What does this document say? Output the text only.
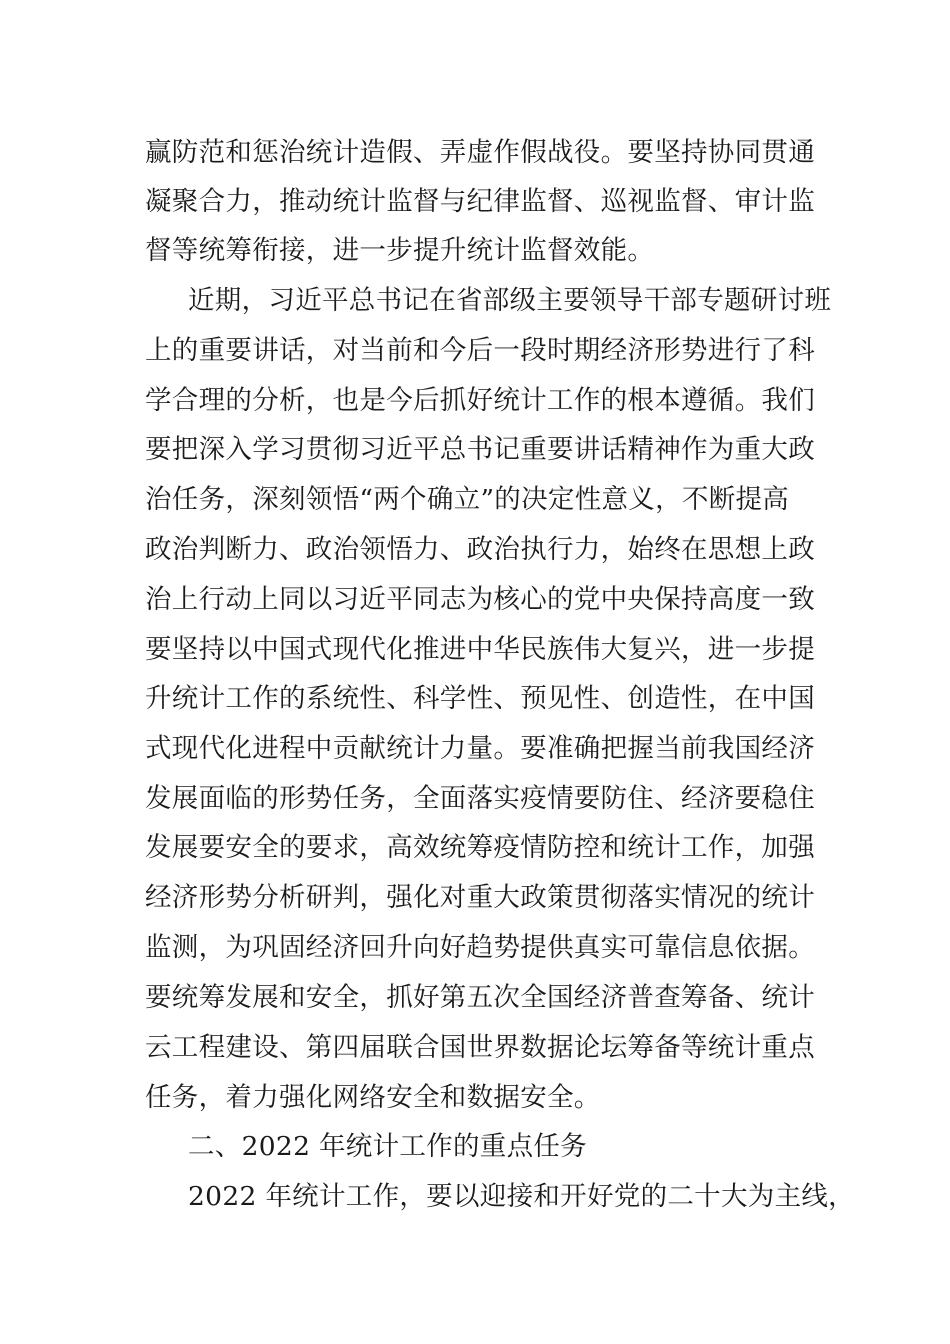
赢防范和惩治统计造假、弄虚作假战役。要坚持协同贯通
凝聚合力，推动统计监督与纪律监督、巡视监督、审计监
督等统筹衔接，进一步提升统计监督效能。
近期，习近平总书记在省部级主要领导干部专题研讨班
上的重要讲话，对当前和今后一段时期经济形势进行了科
学合理的分析，也是今后抓好统计工作的根本遵循。我们
要把深入学习贯彻习近平总书记重要讲话精神作为重大政
治任务，深刻领悟“两个确立”的决定性意义，不断提高
政治判断力、政治领悟力、政治执行力，始终在思想上政
治上行动上同以习近平同志为核心的党中央保持高度一致
要坚持以中国式现代化推进中华民族伟大复兴，进一步提
升统计工作的系统性、科学性、预见性、创造性，在中国
式现代化进程中贡献统计力量。要准确把握当前我国经济
发展面临的形势任务，全面落实疫情要防住、经济要稳住
发展要安全的要求，高效统筹疫情防控和统计工作，加强
经济形势分析研判，强化对重大政策贯彻落实情况的统计
监测，为巩固经济回升向好趋势提供真实可靠信息依据。
要统筹发展和安全，抓好第五次全国经济普查筹备、统计
云工程建设、第四届联合国世界数据论坛筹备等统计重点
任务，着力强化网络安全和数据安全。
二、2022 年统计工作的重点任务
2022 年统计工作，要以迎接和开好党的二十大为主线，
